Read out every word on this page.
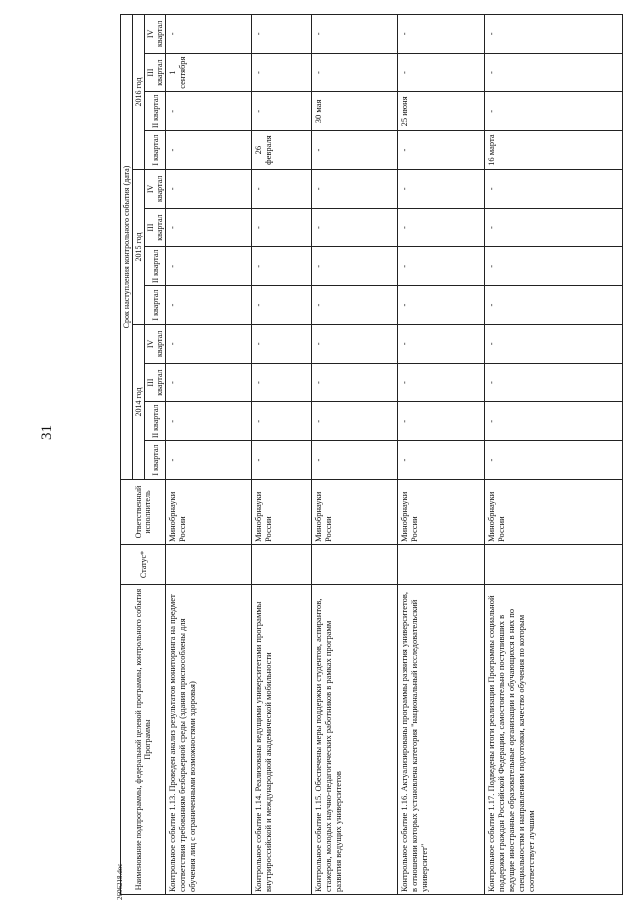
31
Наименование подпрограммы, федеральной целевой программы, контрольного события Программы	Статус*	Ответственный исполнитель	Срок наступления контрольного события (дата)											
			2014 год				2015 год				2016 год			
			I квартал	II квартал	III квартал	IV квартал	I квартал	II квартал	III квартал	IV квартал	I квартал	II квартал	III квартал	IV квартал
Контрольное событие 1.13. Проведен анализ результатов мониторинга на предмет соответствия требованиям безбарьерной среды (здания приспособлены для обучения лиц с ограниченными возможностями здоровья)		Минобрнауки России	-	-	-	-	-	-	-	-	-	-	1 сентября	-
Контрольное событие 1.14. Реализованы ведущими университетами программы внутрироссийской и международной академической мобильности		Минобрнауки России	-	-	-	-	-	-	-	-	26 февраля	-	-	-
Контрольное событие 1.15. Обеспечены меры поддержки студентов, аспирантов, стажеров, молодых научно-педагогических работников в рамках программ развития ведущих университетов		Минобрнауки России	-	-	-	-	-	-	-	-	-	30 мая	-	-
Контрольное событие 1.16. Актуализированы программы развития университетов, в отношении которых установлена категория "национальный исследовательский университет"		Минобрнауки России	-	-	-	-	-	-	-	-	-	25 июня	-	-
Контрольное событие 1.17. Подведены итоги реализации Программы социальной поддержки граждан Российской Федерации, самостоятельно поступивших в ведущие иностранные образовательные организации и обучающихся в них по специальностям и направлениям подготовки, качество обучения по которым соответствует лучшим		Минобрнауки России	-	-	-	-	-	-	-	-	16 марта	-	-	-
2606218.doc
